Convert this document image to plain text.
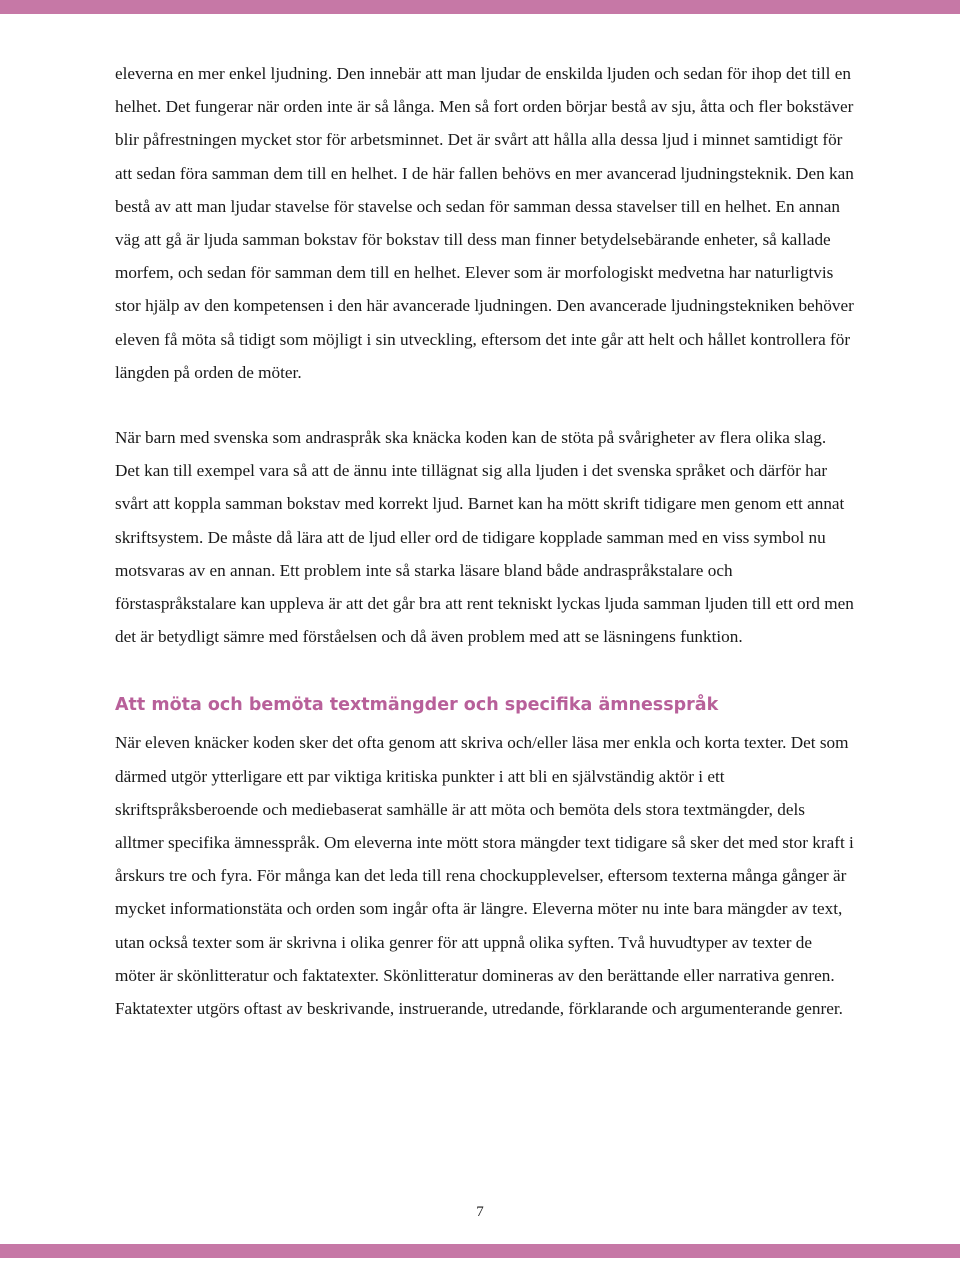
eleverna en mer enkel ljudning. Den innebär att man ljudar de enskilda ljuden och sedan för ihop det till en helhet. Det fungerar när orden inte är så långa. Men så fort orden börjar bestå av sju, åtta och fler bokstäver blir påfrestningen mycket stor för arbetsminnet. Det är svårt att hålla alla dessa ljud i minnet samtidigt för att sedan föra samman dem till en helhet. I de här fallen behövs en mer avancerad ljudningsteknik. Den kan bestå av att man ljudar stavelse för stavelse och sedan för samman dessa stavelser till en helhet. En annan väg att gå är ljuda samman bokstav för bokstav till dess man finner betydelsebärande enheter, så kallade morfem, och sedan för samman dem till en helhet. Elever som är morfologiskt medvetna har naturligtvis stor hjälp av den kompetensen i den här avancerade ljudningen. Den avancerade ljudningstekniken behöver eleven få möta så tidigt som möjligt i sin utveckling, eftersom det inte går att helt och hållet kontrollera för längden på orden de möter.

När barn med svenska som andraspråk ska knäcka koden kan de stöta på svårigheter av flera olika slag. Det kan till exempel vara så att de ännu inte tillägnat sig alla ljuden i det svenska språket och därför har svårt att koppla samman bokstav med korrekt ljud. Barnet kan ha mött skrift tidigare men genom ett annat skriftsystem. De måste då lära att de ljud eller ord de tidigare kopplade samman med en viss symbol nu motsvaras av en annan. Ett problem inte så starka läsare bland både andraspråkstalare och förstaspråkstalare kan uppleva är att det går bra att rent tekniskt lyckas ljuda samman ljuden till ett ord men det är betydligt sämre med förståelsen och då även problem med att se läsningens funktion.

Att möta och bemöta textmängder och specifika ämnesspråk

När eleven knäcker koden sker det ofta genom att skriva och/eller läsa mer enkla och korta texter. Det som därmed utgör ytterligare ett par viktiga kritiska punkter i att bli en självständig aktör i ett skriftspråksberoende och mediebaserat samhälle är att möta och bemöta dels stora textmängder, dels alltmer specifika ämnesspråk. Om eleverna inte mött stora mängder text tidigare så sker det med stor kraft i årskurs tre och fyra. För många kan det leda till rena chockupplevelser, eftersom texterna många gånger är mycket informationstäta och orden som ingår ofta är längre. Eleverna möter nu inte bara mängder av text, utan också texter som är skrivna i olika genrer för att uppnå olika syften. Två huvudtyper av texter de möter är skönlitteratur och faktatexter. Skönlitteratur domineras av den berättande eller narrativa genren. Faktatexter utgörs oftast av beskrivande, instruerande, utredande, förklarande och argumenterande genrer.

7
